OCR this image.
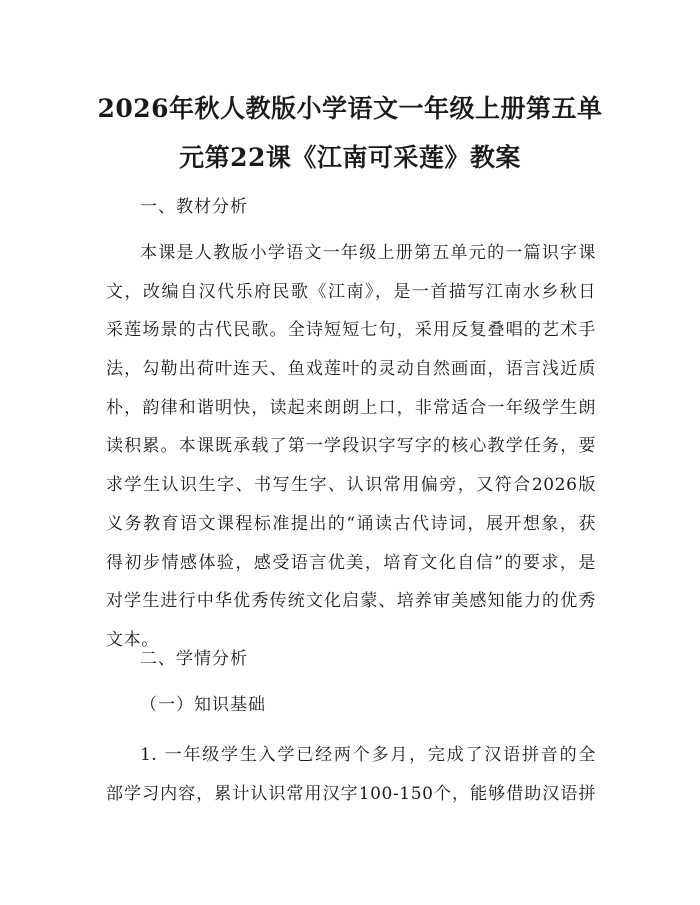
2026年秋人教版小学语文一年级上册第五单
元第22课《江南可采莲》教案
一、教材分析
本课是人教版小学语文一年级上册第五单元的一篇识字课
文，改编自汉代乐府民歌《江南》，是一首描写江南水乡秋日
采莲场景的古代民歌。全诗短短七句，采用反复叠唱的艺术手
法，勾勒出荷叶连天、鱼戏莲叶的灵动自然画面，语言浅近质
朴，韵律和谐明快，读起来朗朗上口，非常适合一年级学生朗
读积累。本课既承载了第一学段识字写字的核心教学任务，要
求学生认识生字、书写生字、认识常用偏旁，又符合2026版
义务教育语文课程标准提出的“诵读古代诗词，展开想象，获
得初步情感体验，感受语言优美，培育文化自信”的要求，是
对学生进行中华优秀传统文化启蒙、培养审美感知能力的优秀
文本。
二、学情分析
（一）知识基础
1. 一年级学生入学已经两个多月，完成了汉语拼音的全
部学习内容，累计认识常用汉字100-150个，能够借助汉语拼
